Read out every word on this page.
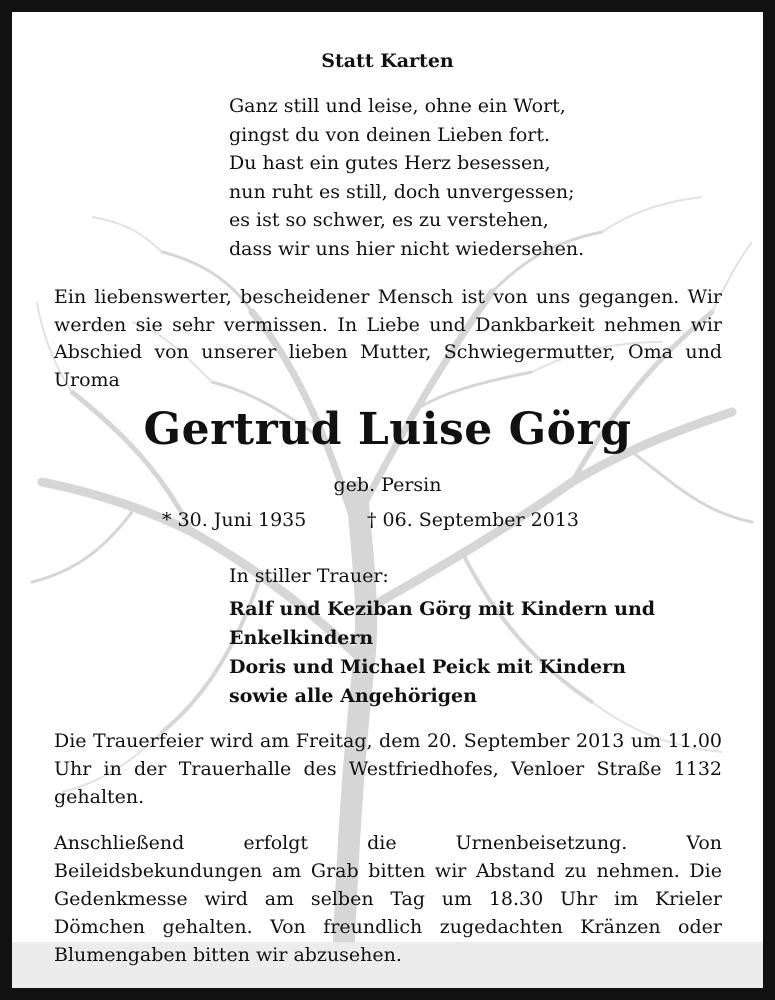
Statt Karten
Ganz still und leise, ohne ein Wort,
gingst du von deinen Lieben fort.
Du hast ein gutes Herz besessen,
nun ruht es still, doch unvergessen;
es ist so schwer, es zu verstehen,
dass wir uns hier nicht wiedersehen.
Ein liebenswerter, bescheidener Mensch ist von uns gegangen. Wir werden sie sehr vermissen. In Liebe und Dankbarkeit nehmen wir Abschied von unserer lieben Mutter, Schwiegermutter, Oma und Uroma
Gertrud Luise Görg
geb. Persin
* 30. Juni 1935	† 06. September 2013
In stiller Trauer:
Ralf und Keziban Görg mit Kindern und
Enkelkindern
Doris und Michael Peick mit Kindern
sowie alle Angehörigen
Die Trauerfeier wird am Freitag, dem 20. September 2013 um 11.00 Uhr in der Trauerhalle des Westfriedhofes, Venloer Straße 1132 gehalten.
Anschließend erfolgt die Urnenbeisetzung. Von Beileidsbekundungen am Grab bitten wir Abstand zu nehmen. Die Gedenkmesse wird am selben Tag um 18.30 Uhr im Krieler Dömchen gehalten. Von freundlich zugedachten Kränzen oder Blumengaben bitten wir abzusehen.
